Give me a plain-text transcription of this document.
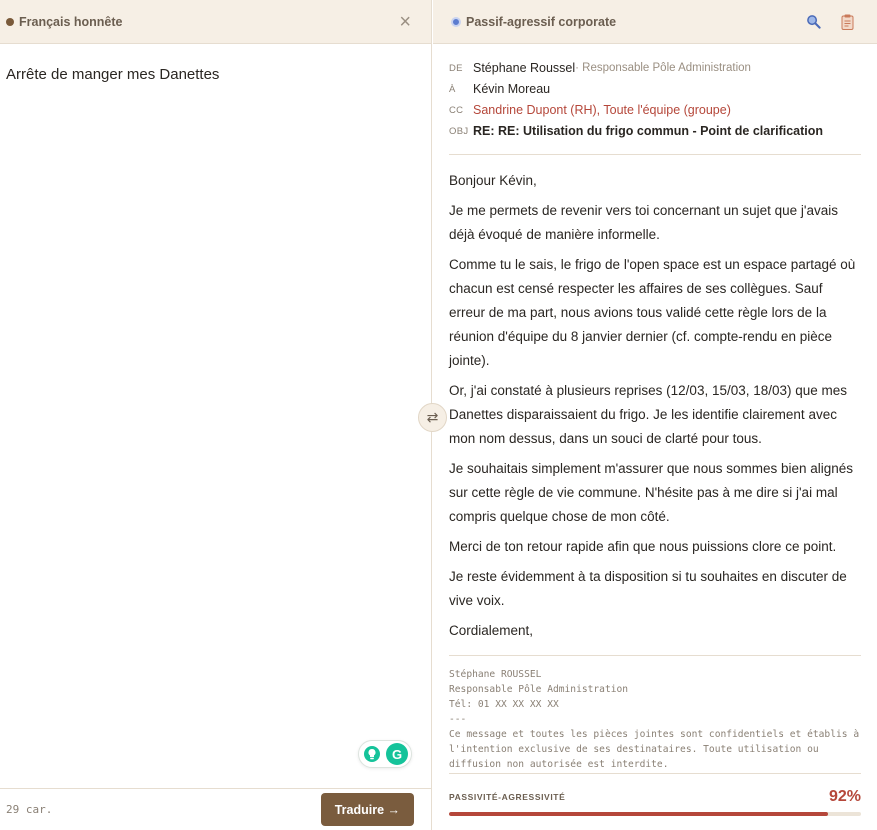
Français honnête	×
Arrête de manger mes Danettes
G
29 car.	Traduire →
⇄
Passif-agressif corporate
DE Stéphane Roussel · Responsable Pôle Administration
À	Kévin Moreau
CC Sandrine Dupont (RH), Toute l'équipe (groupe)
OBJ RE: RE: Utilisation du frigo commun - Point de clarification

Bonjour Kévin,

Je me permets de revenir vers toi concernant un sujet que j'avais déjà évoqué de manière informelle.

Comme tu le sais, le frigo de l'open space est un espace partagé où chacun est censé respecter les affaires de ses collègues. Sauf erreur de ma part, nous avions tous validé cette règle lors de la réunion d'équipe du 8 janvier dernier (cf. compte-rendu en pièce jointe).

Or, j'ai constaté à plusieurs reprises (12/03, 15/03, 18/03) que mes Danettes disparaissaient du frigo. Je les identifie clairement avec mon nom dessus, dans un souci de clarté pour tous.

Je souhaitais simplement m'assurer que nous sommes bien alignés sur cette règle de vie commune. N'hésite pas à me dire si j'ai mal compris quelque chose de mon côté.

Merci de ton retour rapide afin que nous puissions clore ce point.

Je reste évidemment à ta disposition si tu souhaites en discuter de vive voix.

Cordialement,

Stéphane ROUSSEL
Responsable Pôle Administration
Tél: 01 XX XX XX XX
---
Ce message et toutes les pièces jointes sont confidentiels et établis à l'intention exclusive de ses destinataires. Toute utilisation ou diffusion non autorisée est interdite.
PASSIVITÉ-AGRESSIVITÉ	92%
